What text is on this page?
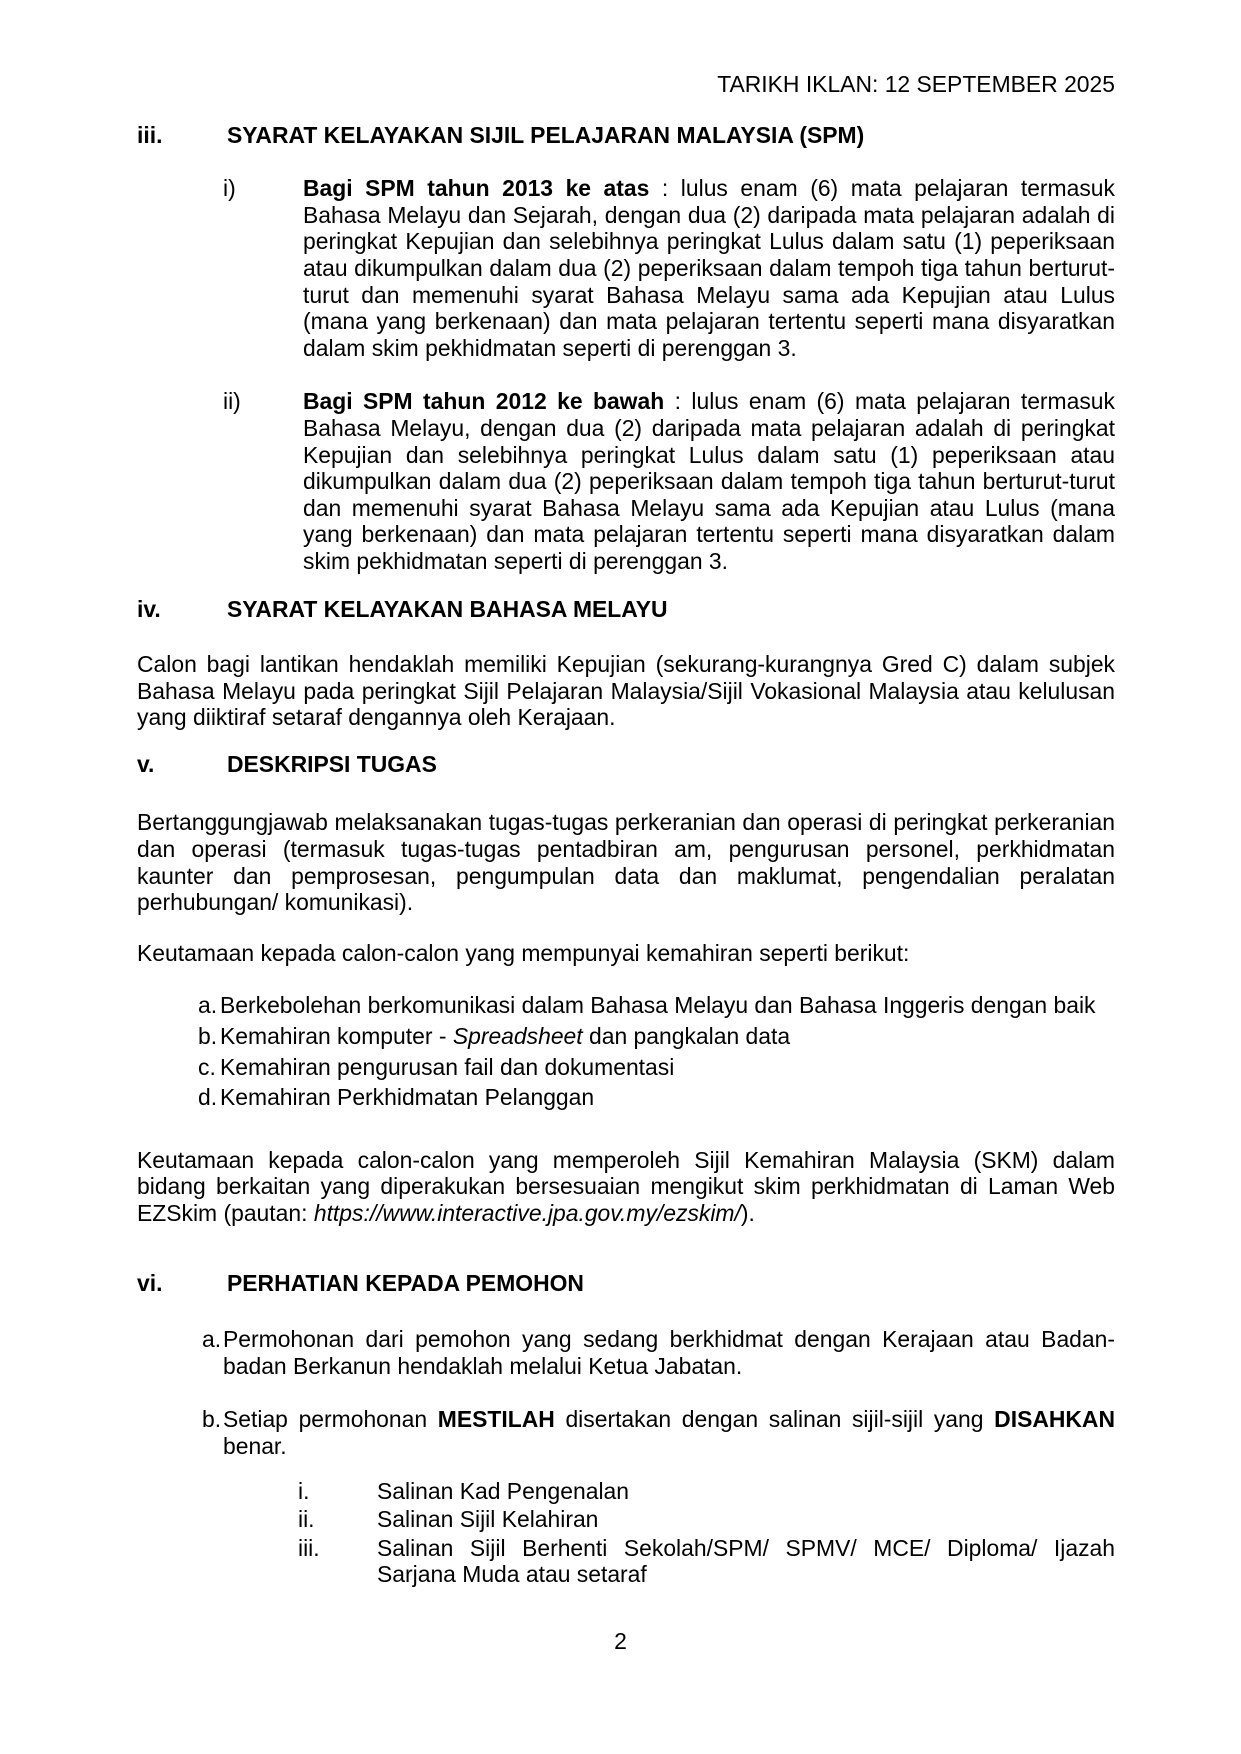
TARIKH IKLAN: 12 SEPTEMBER 2025
iii.	SYARAT KELAYAKAN SIJIL PELAJARAN MALAYSIA (SPM)
i)	Bagi SPM tahun 2013 ke atas : lulus enam (6) mata pelajaran termasuk Bahasa Melayu dan Sejarah, dengan dua (2) daripada mata pelajaran adalah di peringkat Kepujian dan selebihnya peringkat Lulus dalam satu (1) peperiksaan atau dikumpulkan dalam dua (2) peperiksaan dalam tempoh tiga tahun berturut-turut dan memenuhi syarat Bahasa Melayu sama ada Kepujian atau Lulus (mana yang berkenaan) dan mata pelajaran tertentu seperti mana disyaratkan dalam skim pekhidmatan seperti di perenggan 3.
ii)	Bagi SPM tahun 2012 ke bawah : lulus enam (6) mata pelajaran termasuk Bahasa Melayu, dengan dua (2) daripada mata pelajaran adalah di peringkat Kepujian dan selebihnya peringkat Lulus dalam satu (1) peperiksaan atau dikumpulkan dalam dua (2) peperiksaan dalam tempoh tiga tahun berturut-turut dan memenuhi syarat Bahasa Melayu sama ada Kepujian atau Lulus (mana yang berkenaan) dan mata pelajaran tertentu seperti mana disyaratkan dalam skim pekhidmatan seperti di perenggan 3.
iv.	SYARAT KELAYAKAN BAHASA MELAYU
Calon bagi lantikan hendaklah memiliki Kepujian (sekurang-kurangnya Gred C) dalam subjek Bahasa Melayu pada peringkat Sijil Pelajaran Malaysia/Sijil Vokasional Malaysia atau kelulusan yang diiktiraf setaraf dengannya oleh Kerajaan.
v.	DESKRIPSI TUGAS
Bertanggungjawab melaksanakan tugas-tugas perkeranian dan operasi di peringkat perkeranian dan operasi (termasuk tugas-tugas pentadbiran am, pengurusan personel, perkhidmatan kaunter dan pemprosesan, pengumpulan data dan maklumat, pengendalian peralatan perhubungan/ komunikasi).
Keutamaan kepada calon-calon yang mempunyai kemahiran seperti berikut:
a. Berkebolehan berkomunikasi dalam Bahasa Melayu dan Bahasa Inggeris dengan baik
b. Kemahiran komputer - Spreadsheet dan pangkalan data
c. Kemahiran pengurusan fail dan dokumentasi
d. Kemahiran Perkhidmatan Pelanggan
Keutamaan kepada calon-calon yang memperoleh Sijil Kemahiran Malaysia (SKM) dalam bidang berkaitan yang diperakukan bersesuaian mengikut skim perkhidmatan di Laman Web EZSkim (pautan: https://www.interactive.jpa.gov.my/ezskim/).
vi.	PERHATIAN KEPADA PEMOHON
a. Permohonan dari pemohon yang sedang berkhidmat dengan Kerajaan atau Badan-badan Berkanun hendaklah melalui Ketua Jabatan.
b. Setiap permohonan MESTILAH disertakan dengan salinan sijil-sijil yang DISAHKAN benar.
i.	Salinan Kad Pengenalan
ii.	Salinan Sijil Kelahiran
iii.	Salinan Sijil Berhenti Sekolah/SPM/ SPMV/ MCE/ Diploma/ Ijazah Sarjana Muda atau setaraf
2
